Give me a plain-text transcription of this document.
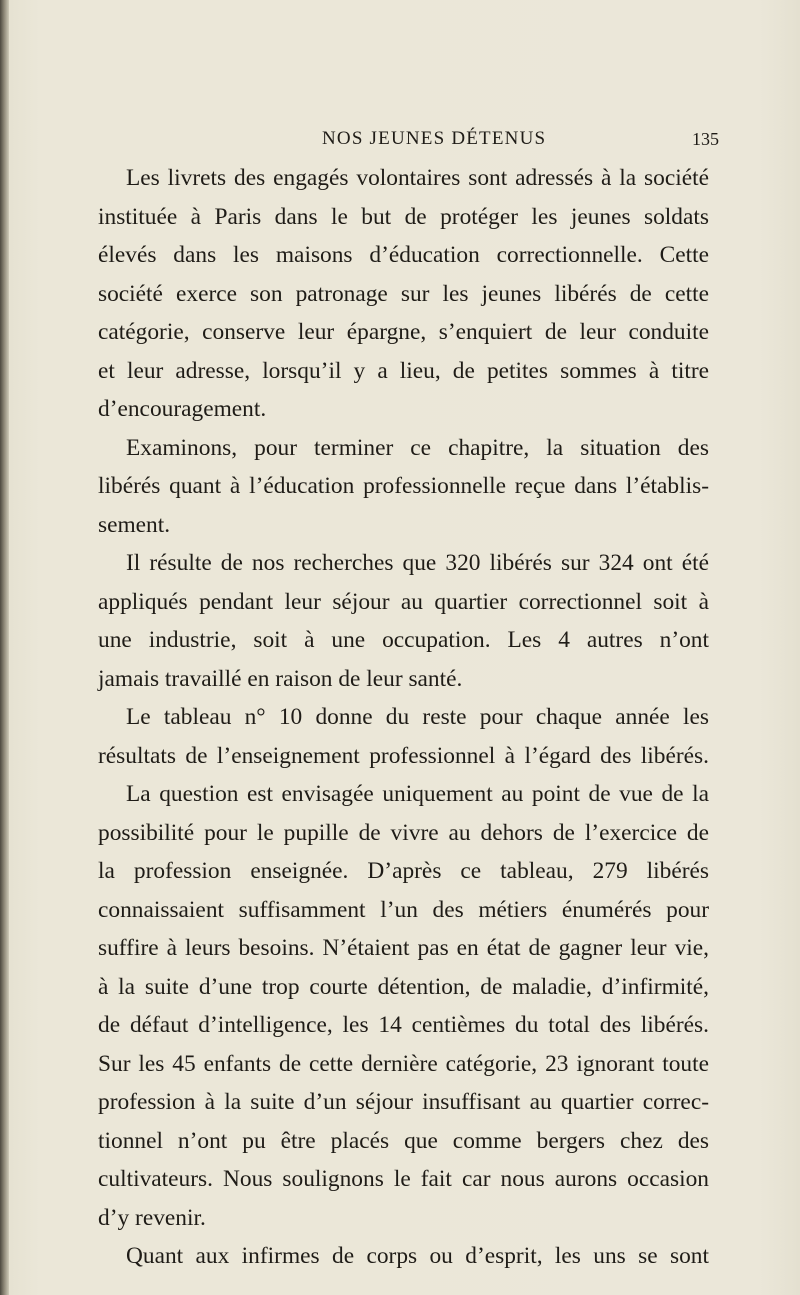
NOS JEUNES DÉTENUS	135
Les livrets des engagés volontaires sont adressés à la société
instituée à Paris dans le but de protéger les jeunes soldats
élevés dans les maisons d’éducation correctionnelle. Cette
société exerce son patronage sur les jeunes libérés de cette
catégorie, conserve leur épargne, s’enquiert de leur conduite
et leur adresse, lorsqu’il y a lieu, de petites sommes à titre
d’encouragement.
Examinons, pour terminer ce chapitre, la situation des
libérés quant à l’éducation professionnelle reçue dans l’établis-
sement.
Il résulte de nos recherches que 320 libérés sur 324 ont été
appliqués pendant leur séjour au quartier correctionnel soit à
une industrie, soit à une occupation. Les 4 autres n’ont
jamais travaillé en raison de leur santé.
Le tableau n° 10 donne du reste pour chaque année les
résultats de l’enseignement professionnel à l’égard des libérés.
La question est envisagée uniquement au point de vue de la
possibilité pour le pupille de vivre au dehors de l’exercice de
la profession enseignée. D’après ce tableau, 279 libérés
connaissaient suffisamment l’un des métiers énumérés pour
suffire à leurs besoins. N’étaient pas en état de gagner leur vie,
à la suite d’une trop courte détention, de maladie, d’infirmité,
de défaut d’intelligence, les 14 centièmes du total des libérés.
Sur les 45 enfants de cette dernière catégorie, 23 ignorant toute
profession à la suite d’un séjour insuffisant au quartier correc-
tionnel n’ont pu être placés que comme bergers chez des
cultivateurs. Nous soulignons le fait car nous aurons occasion
d’y revenir.
Quant aux infirmes de corps ou d’esprit, les uns se sont
